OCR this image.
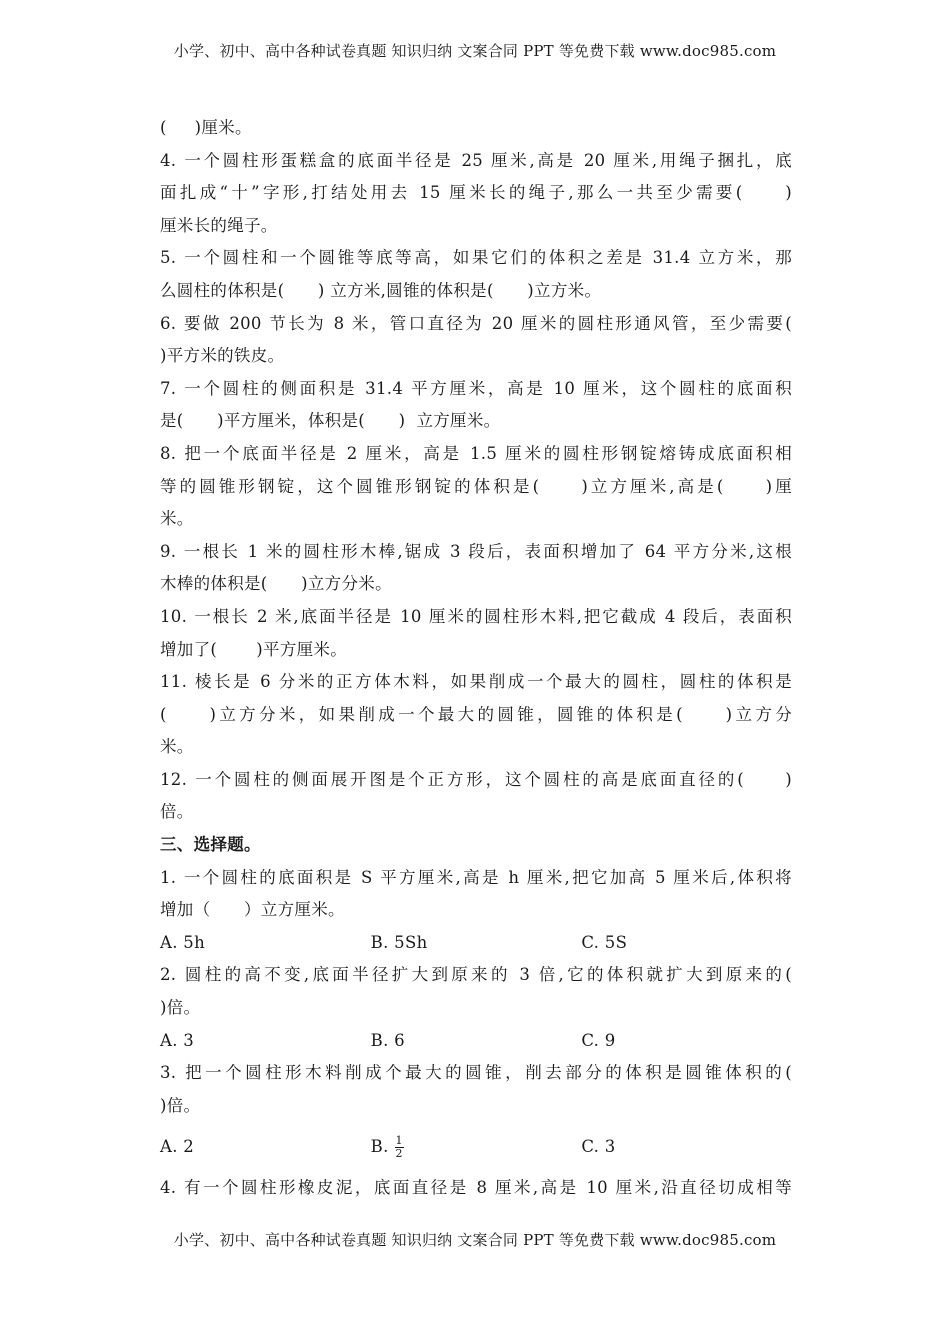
小学、初中、高中各种试卷真题 知识归纳 文案合同 PPT 等免费下载 www.doc985.com
(　  )厘米。
4. 一个圆柱形蛋糕盒的底面半径是 25 厘米,高是 20 厘米,用绳子捆扎，底
面扎成“十”字形,打结处用去 15 厘米长的绳子,那么一共至少需要(　　)
厘米长的绳子。
5. 一个圆柱和一个圆锥等底等高，如果它们的体积之差是 31.4 立方米，那
么圆柱的体积是(　　) 立方米,圆锥的体积是(　　)立方米。
6. 要做 200 节长为 8 米，管口直径为 20 厘米的圆柱形通风管，至少需要(
)平方米的铁皮。
7. 一个圆柱的侧面积是 31.4 平方厘米，高是 10 厘米，这个圆柱的底面积
是(　　)平方厘米，体积是(　　)  立方厘米。
8. 把一个底面半径是 2 厘米，高是 1.5 厘米的圆柱形钢锭熔铸成底面积相
等的圆锥形钢锭，这个圆锥形钢锭的体积是(　　)立方厘米,高是(　　)厘
米。
9. 一根长 1 米的圆柱形木棒,锯成 3 段后，表面积增加了 64 平方分米,这根
木棒的体积是(　　)立方分米。
10. 一根长 2 米,底面半径是 10 厘米的圆柱形木料,把它截成 4 段后，表面积
增加了(　　 )平方厘米。
11. 棱长是 6 分米的正方体木料，如果削成一个最大的圆柱，圆柱的体积是
(　　)立方分米，如果削成一个最大的圆锥，圆锥的体积是(　　)立方分
米。
12. 一个圆柱的侧面展开图是个正方形，这个圆柱的高是底面直径的(　　)
倍。
三、选择题。
1. 一个圆柱的底面积是 S 平方厘米,高是 h 厘米,把它加高 5 厘米后,体积将
增加（　　）立方厘米。
A. 5h	B. 5Sh	C. 5S
2. 圆柱的高不变,底面半径扩大到原来的 3 倍,它的体积就扩大到原来的(
)倍。
A. 3	B. 6	C. 9
3. 把一个圆柱形木料削成个最大的圆锥，削去部分的体积是圆锥体积的(
)倍。
A. 2	B. $\frac{1}{2}$	C. 3
4. 有一个圆柱形橡皮泥，底面直径是 8 厘米,高是 10 厘米,沿直径切成相等
小学、初中、高中各种试卷真题 知识归纳 文案合同 PPT 等免费下载 www.doc985.com
